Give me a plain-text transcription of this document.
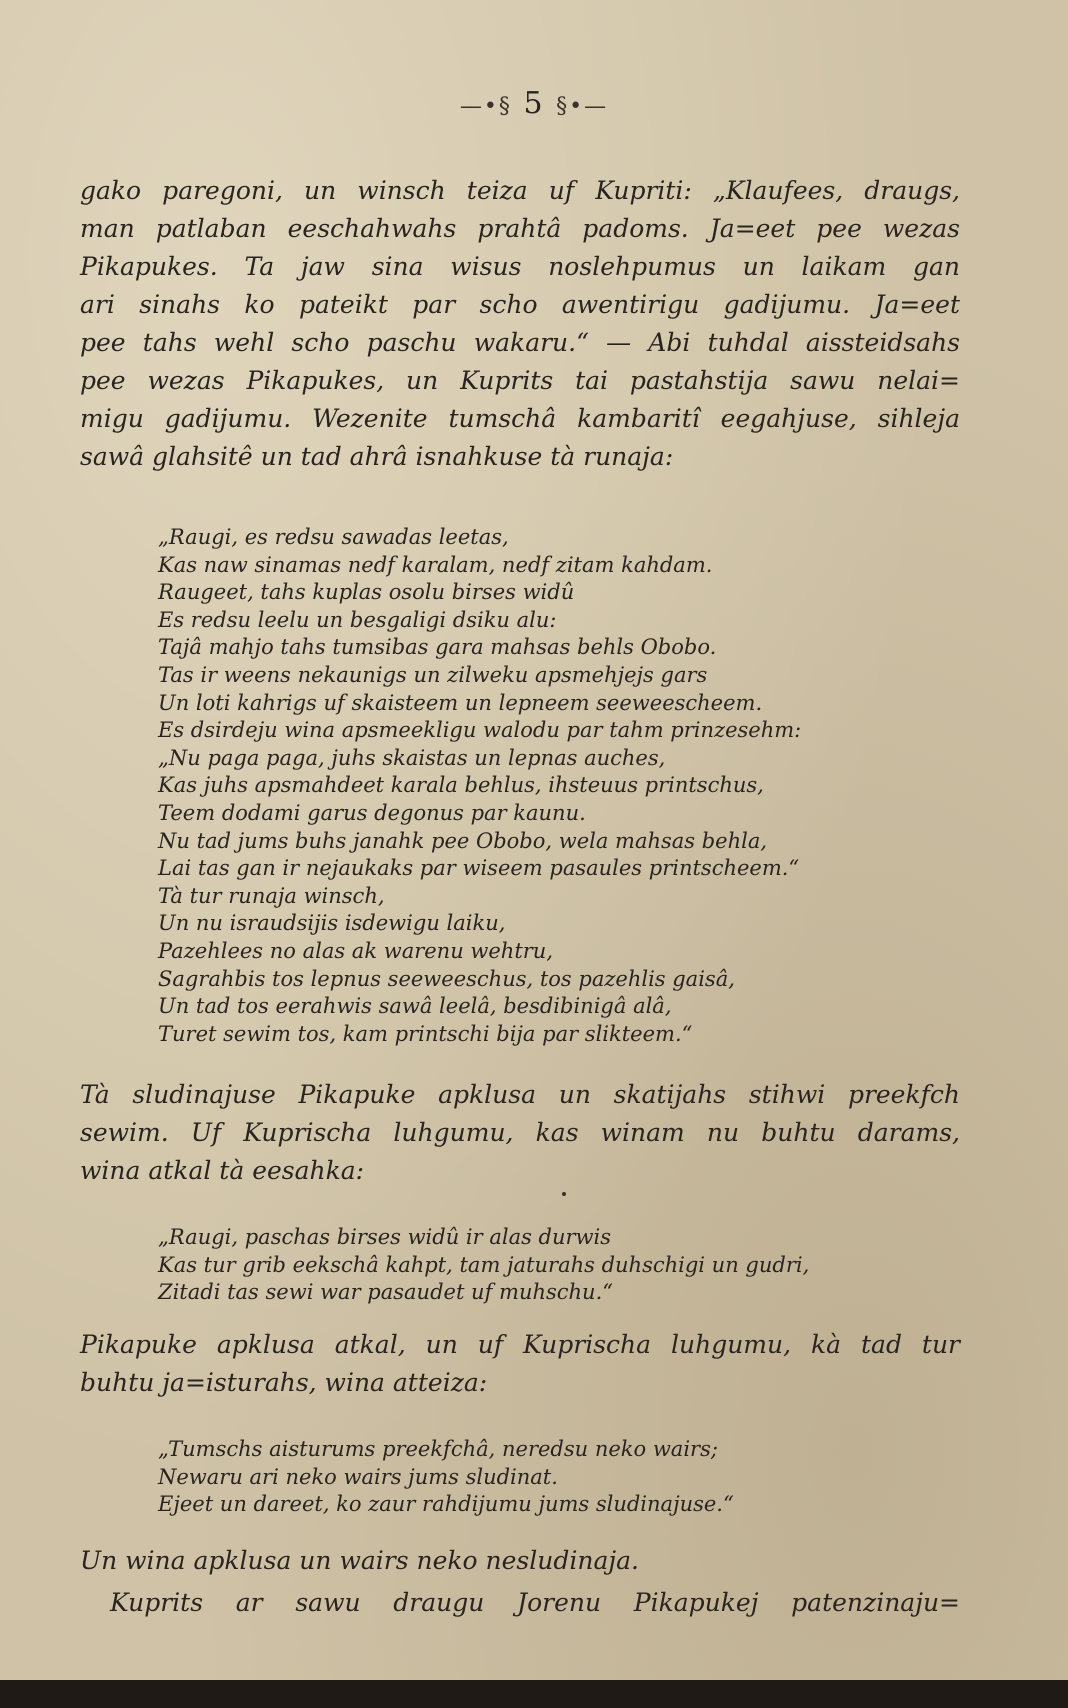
—•§ 5 §•—
gako paregoni, un winsch teiza uf Kupriti: „Klaufees, draugs,
man patlaban eeschahwahs prahtâ padoms. Ja=eet pee wezas
Pikapukes. Ta jaw sina wisus noslehpumus un laikam gan
ari sinahs ko pateikt par scho awentirigu gadijumu. Ja=eet
pee tahs wehl scho paschu wakaru.“ — Abi tuhdal aissteidsahs
pee wezas Pikapukes, un Kuprits tai pastahstija sawu nelai=
migu gadijumu. Wezenite tumschâ kambaritî eegahjuse, sihleja
sawâ glahsitê un tad ahrâ isnahkuse tà runaja:
„Raugi, es redsu sawadas leetas,
Kas naw sinamas nedf karalam, nedf zitam kahdam.
Raugeet, tahs kuplas osolu birses widû
Es redsu leelu un besgaligi dsiku alu:
Tajâ mahjo tahs tumsibas gara mahsas behls Obobo.
Tas ir weens nekaunigs un zilweku apsmehjejs gars
Un loti kahrigs uf skaisteem un lepneem seeweescheem.
Es dsirdeju wina apsmeekligu walodu par tahm prinzesehm:
„Nu paga paga, juhs skaistas un lepnas auches,
Kas juhs apsmahdeet karala behlus, ihsteuus printschus,
Teem dodami garus degonus par kaunu.
Nu tad jums buhs janahk pee Obobo, wela mahsas behla,
Lai tas gan ir nejaukaks par wiseem pasaules printscheem.“
Tà tur runaja winsch,
Un nu israudsijis isdewigu laiku,
Pazehlees no alas ak warenu wehtru,
Sagrahbis tos lepnus seeweeschus, tos pazehlis gaisâ,
Un tad tos eerahwis sawâ leelâ, besdibinigâ alâ,
Turet sewim tos, kam printschi bija par slikteem.“
Tà sludinajuse Pikapuke apklusa un skatijahs stihwi preekfch
sewim. Uf Kuprischa luhgumu, kas winam nu buhtu darams,
wina atkal tà eesahka:
„Raugi, paschas birses widû ir alas durwis
Kas tur grib eekschâ kahpt, tam jaturahs duhschigi un gudri,
Zitadi tas sewi war pasaudet uf muhschu.“
Pikapuke apklusa atkal, un uf Kuprischa luhgumu, kà tad tur
buhtu ja=isturahs, wina atteiza:
„Tumschs aisturums preekfchâ, neredsu neko wairs;
Newaru ari neko wairs jums sludinat.
Ejeet un dareet, ko zaur rahdijumu jums sludinajuse.“
Un wina apklusa un wairs neko nesludinaja.
Kuprits ar sawu draugu Jorenu Pikapukej patenzinaju=
